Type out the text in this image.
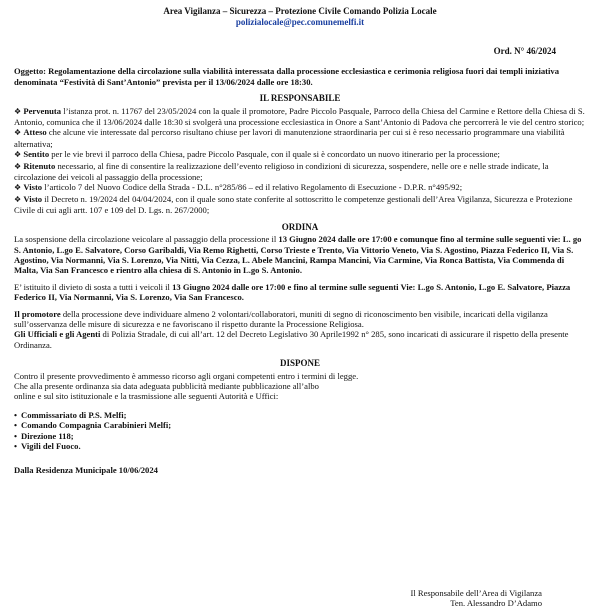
Area Vigilanza – Sicurezza – Protezione Civile Comando Polizia Locale
polizialocale@pec.comunemelfi.it
Ord. N° 46/2024
Oggetto: Regolamentazione della circolazione sulla viabilità interessata dalla processione ecclesiastica e cerimonia religiosa fuori dai templi iniziativa denominata “Festività di Sant’Antonio” prevista per il 13/06/2024 dalle ore 18:30.
IL RESPONSABILE

❖ Pervenuta l’istanza prot. n. 11767 del 23/05/2024 con la quale il promotore, Padre Piccolo Pasquale, Parroco della Chiesa del Carmine e Rettore della Chiesa di S. Antonio, comunica che il 13/06/2024 dalle 18:30 si svolgerà una processione ecclesiastica in Onore a Sant’Antonio di Padova che percorrerà le vie del centro storico;

❖ Atteso che alcune vie interessate dal percorso risultano chiuse per lavori di manutenzione straordinaria per cui si è reso necessario programmare una viabilità alternativa;

❖ Sentito per le vie brevi il parroco della Chiesa, padre Piccolo Pasquale, con il quale si è concordato un nuovo itinerario per la processione;

❖ Ritenuto necessario, al fine di consentire la realizzazione dell’evento religioso in condizioni di sicurezza, sospendere, nelle ore e nelle strade indicate, la circolazione dei veicoli al passaggio della processione;

❖ Visto l’articolo 7 del Nuovo Codice della Strada - D.L. n°285/86 – ed il relativo Regolamento di Esecuzione - D.P.R. n°495/92;

❖ Visto il Decreto n. 19/2024 del 04/04/2024, con il quale sono state conferite al sottoscritto le competenze gestionali dell’Area Vigilanza, Sicurezza e Protezione Civile di cui agli artt. 107 e 109 del D. Lgs. n. 267/2000;

ORDINA

La sospensione della circolazione veicolare al passaggio della processione il 13 Giugno 2024 dalle ore 17:00 e comunque fino al termine sulle seguenti vie: L. go S. Antonio, L.go E. Salvatore, Corso Garibaldi, Via Remo Righetti, Corso Trieste e Trento, Via Vittorio Veneto, Via S. Agostino, Piazza Federico II, Via S. Agostino, Via Normanni, Via S. Lorenzo, Via Nitti, Via Cezza, L. Abele Mancini, Rampa Mancini, Via Carmine, Via Ronca Battista, Via Commenda di Malta, Via San Francesco e rientro alla chiesa di S. Antonio in L.go S. Antonio.

E’ istituito il divieto di sosta a tutti i veicoli il 13 Giugno 2024 dalle ore 17:00 e fino al termine sulle seguenti Vie: L.go S. Antonio, L.go E. Salvatore, Piazza Federico II, Via Normanni, Via S. Lorenzo, Via San Francesco.

Il promotore della processione deve individuare almeno 2 volontari/collaboratori, muniti di segno di riconoscimento ben visibile, incaricati della vigilanza sull’osservanza delle misure di sicurezza e ne favoriscano il rispetto durante la Processione Religiosa.

Gli Ufficiali e gli Agenti di Polizia Stradale, di cui all’art. 12 del Decreto Legislativo 30 Aprile1992 n° 285, sono incaricati di assicurare il rispetto della presente Ordinanza.

DISPONE

Contro il presente provvedimento è ammesso ricorso agli organi competenti entro i termini di legge.

Che alla presente ordinanza sia data adeguata pubblicità mediante pubblicazione all’albo

online e sul sito istituzionale e la trasmissione alle seguenti Autorità e Uffici:

• Commissariato di P.S. Melfi;
• Comando Compagnia Carabinieri Melfi;
• Direzione 118;
• Vigili del Fuoco.
Dalla Residenza Municipale 10/06/2024
Il Responsabile dell’Area di Vigilanza
Ten. Alessandro D’Adamo
